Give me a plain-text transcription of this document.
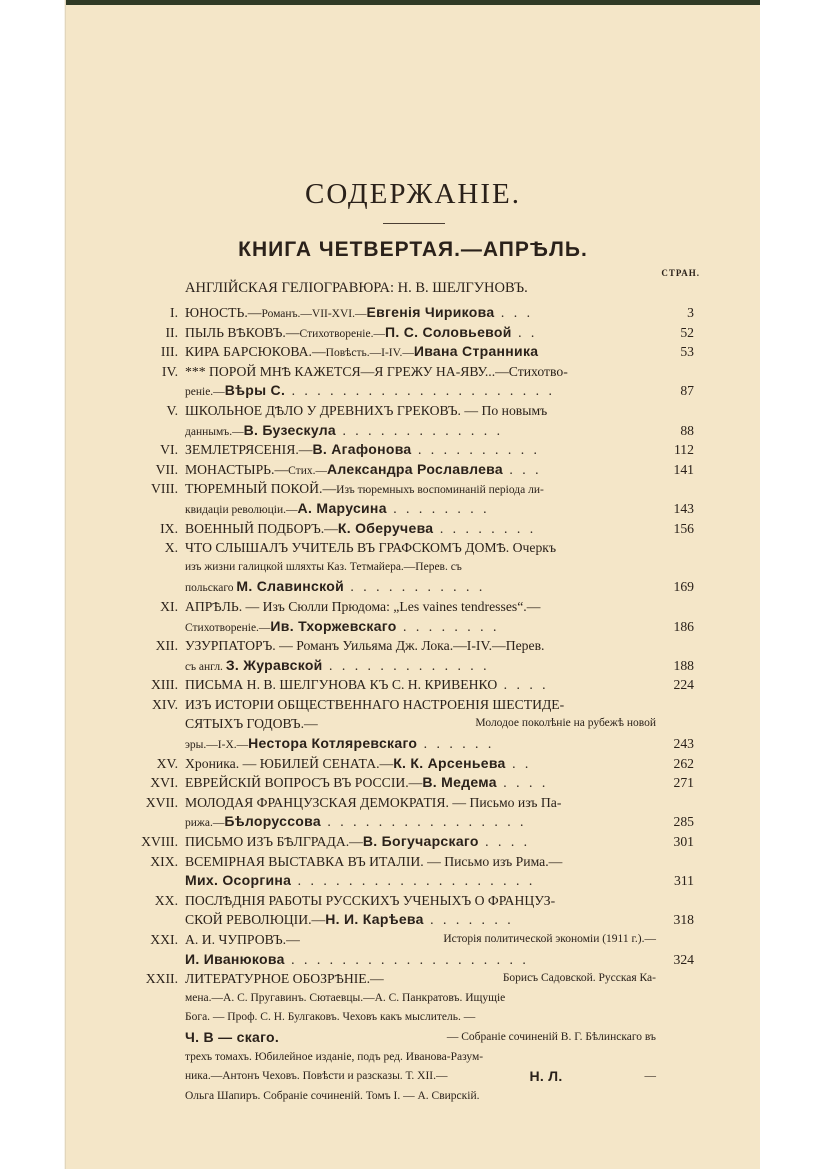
СОДЕРЖАНІЕ.
КНИГА ЧЕТВЕРТАЯ.—АПРѢЛЬ.
СТРАН.
АНГЛІЙСКАЯ ГЕЛІОГРАВЮРА: Н. В. ШЕЛГУНОВЪ.
I. ЮНОСТЬ.—Романъ.—VII-XVI.—Евгенія Чирикова . . .	3
II. ПЫЛЬ ВѢКОВЪ.—Стихотвореніе.—П. С. Соловьевой . .	52
III. КИРА БАРСЮКОВА.—Повѣсть.—I-IV.—Ивана Странника	53
IV. *** ПОРОЙ МНѢ КАЖЕТСЯ—Я ГРЕЖУ НА-ЯВУ...—Стихотво-
реніе.—Вѣры С. . . . . . . . . . . . . . . . . . . . . .	87
V. ШКОЛЬНОЕ ДѢЛО У ДРЕВНИХЪ ГРЕКОВЪ. — По новымъ
даннымъ.—В. Бузескула . . . . . . . . . . . . .	88
VI. ЗЕМЛЕТРЯСЕНІЯ.—В. Агафонова . . . . . . . . . .	112
VII. МОНАСТЫРЬ.—Стих.—Александра Рославлева . . .	141
VIII. ТЮРЕМНЫЙ ПОКОЙ.—Изъ тюремныхъ воспоминаній періода ли-
квидаціи революціи.—А. Марусина . . . . . . . .	143
IX. ВОЕННЫЙ ПОДБОРЪ.—К. Оберучева . . . . . . . .	156
X. ЧТО СЛЫШАЛЪ УЧИТЕЛЬ ВЪ ГРАФСКОМЪ ДОМѢ. Очеркъ
изъ жизни галицкой шляхты Каз. Тетмайера.—Перев. съ
польскаго М. Славинской . . . . . . . . . . .	169
XI. АПРѢЛЬ. — Изъ Сюлли Прюдома: „Les vaines tendresses“.—
Стихотвореніе.—Ив. Тхоржевскаго . . . . . . . .	186
XII. УЗУРПАТОРЪ. — Романъ Уильяма Дж. Лока.—I-IV.—Перев.
съ англ. З. Журавской . . . . . . . . . . . . .	188
XIII. ПИСЬМА Н. В. ШЕЛГУНОВА КЪ С. Н. КРИВЕНКО . . . .	224
XIV. ИЗЪ ИСТОРІИ ОБЩЕСТВЕННАГО НАСТРОЕНІЯ ШЕСТИДЕ-
СЯТЫХЪ ГОДОВЪ.—	Молодое поколѣніе на рубежѣ новой
эры.—I-X.—Нестора Котляревскаго . . . . . .	243
XV. Хроника. — ЮБИЛЕЙ СЕНАТА.—К. К. Арсеньева . .	262
XVI. ЕВРЕЙСКІЙ ВОПРОСЪ ВЪ РОССІИ.—В. Медема . . . .	271
XVII. МОЛОДАЯ ФРАНЦУЗСКАЯ ДЕМОКРАТІЯ. — Письмо изъ Па-
рижа.—Бѣлоруссова . . . . . . . . . . . . . . . .	285
XVIII. ПИСЬМО ИЗЪ БѢЛГРАДА.—В. Богучарскаго . . . .	301
XIX. ВСЕМІРНАЯ ВЫСТАВКА ВЪ ИТАЛІИ. — Письмо изъ Рима.—
Мих. Осоргина . . . . . . . . . . . . . . . . . . .	311
XX. ПОСЛѢДНІЯ РАБОТЫ РУССКИХЪ УЧЕНЫХЪ О ФРАНЦУЗ-
СКОЙ РЕВОЛЮЦІИ.—Н. И. Карѣева . . . . . . .	318
XXI. А. И. ЧУПРОВЪ.—	Исторія политической экономіи (1911 г.).—
И. Иванюкова . . . . . . . . . . . . . . . . . . .	324
XXII. ЛИТЕРАТУРНОЕ ОБОЗРѢНІЕ.—	Борисъ Садовской. Русская Ка-
мена.—А. С. Пругавинъ. Сютаевцы.—А. С. Панкратовъ. Ищущіе
Бога. — Проф. С. Н. Булгаковъ. Чеховъ какъ мыслитель. —
Ч. В — скаго.	— Собраніе сочиненій В. Г. Бѣлинскаго въ
трехъ томахъ. Юбилейное изданіе, подъ ред. Иванова-Разум-
ника.—Антонъ Чеховъ. Повѣсти и разсказы. Т. XII.—	Н. Л.	—
Ольга Шапиръ. Собраніе сочиненій. Томъ I. — А. Свирскій.
